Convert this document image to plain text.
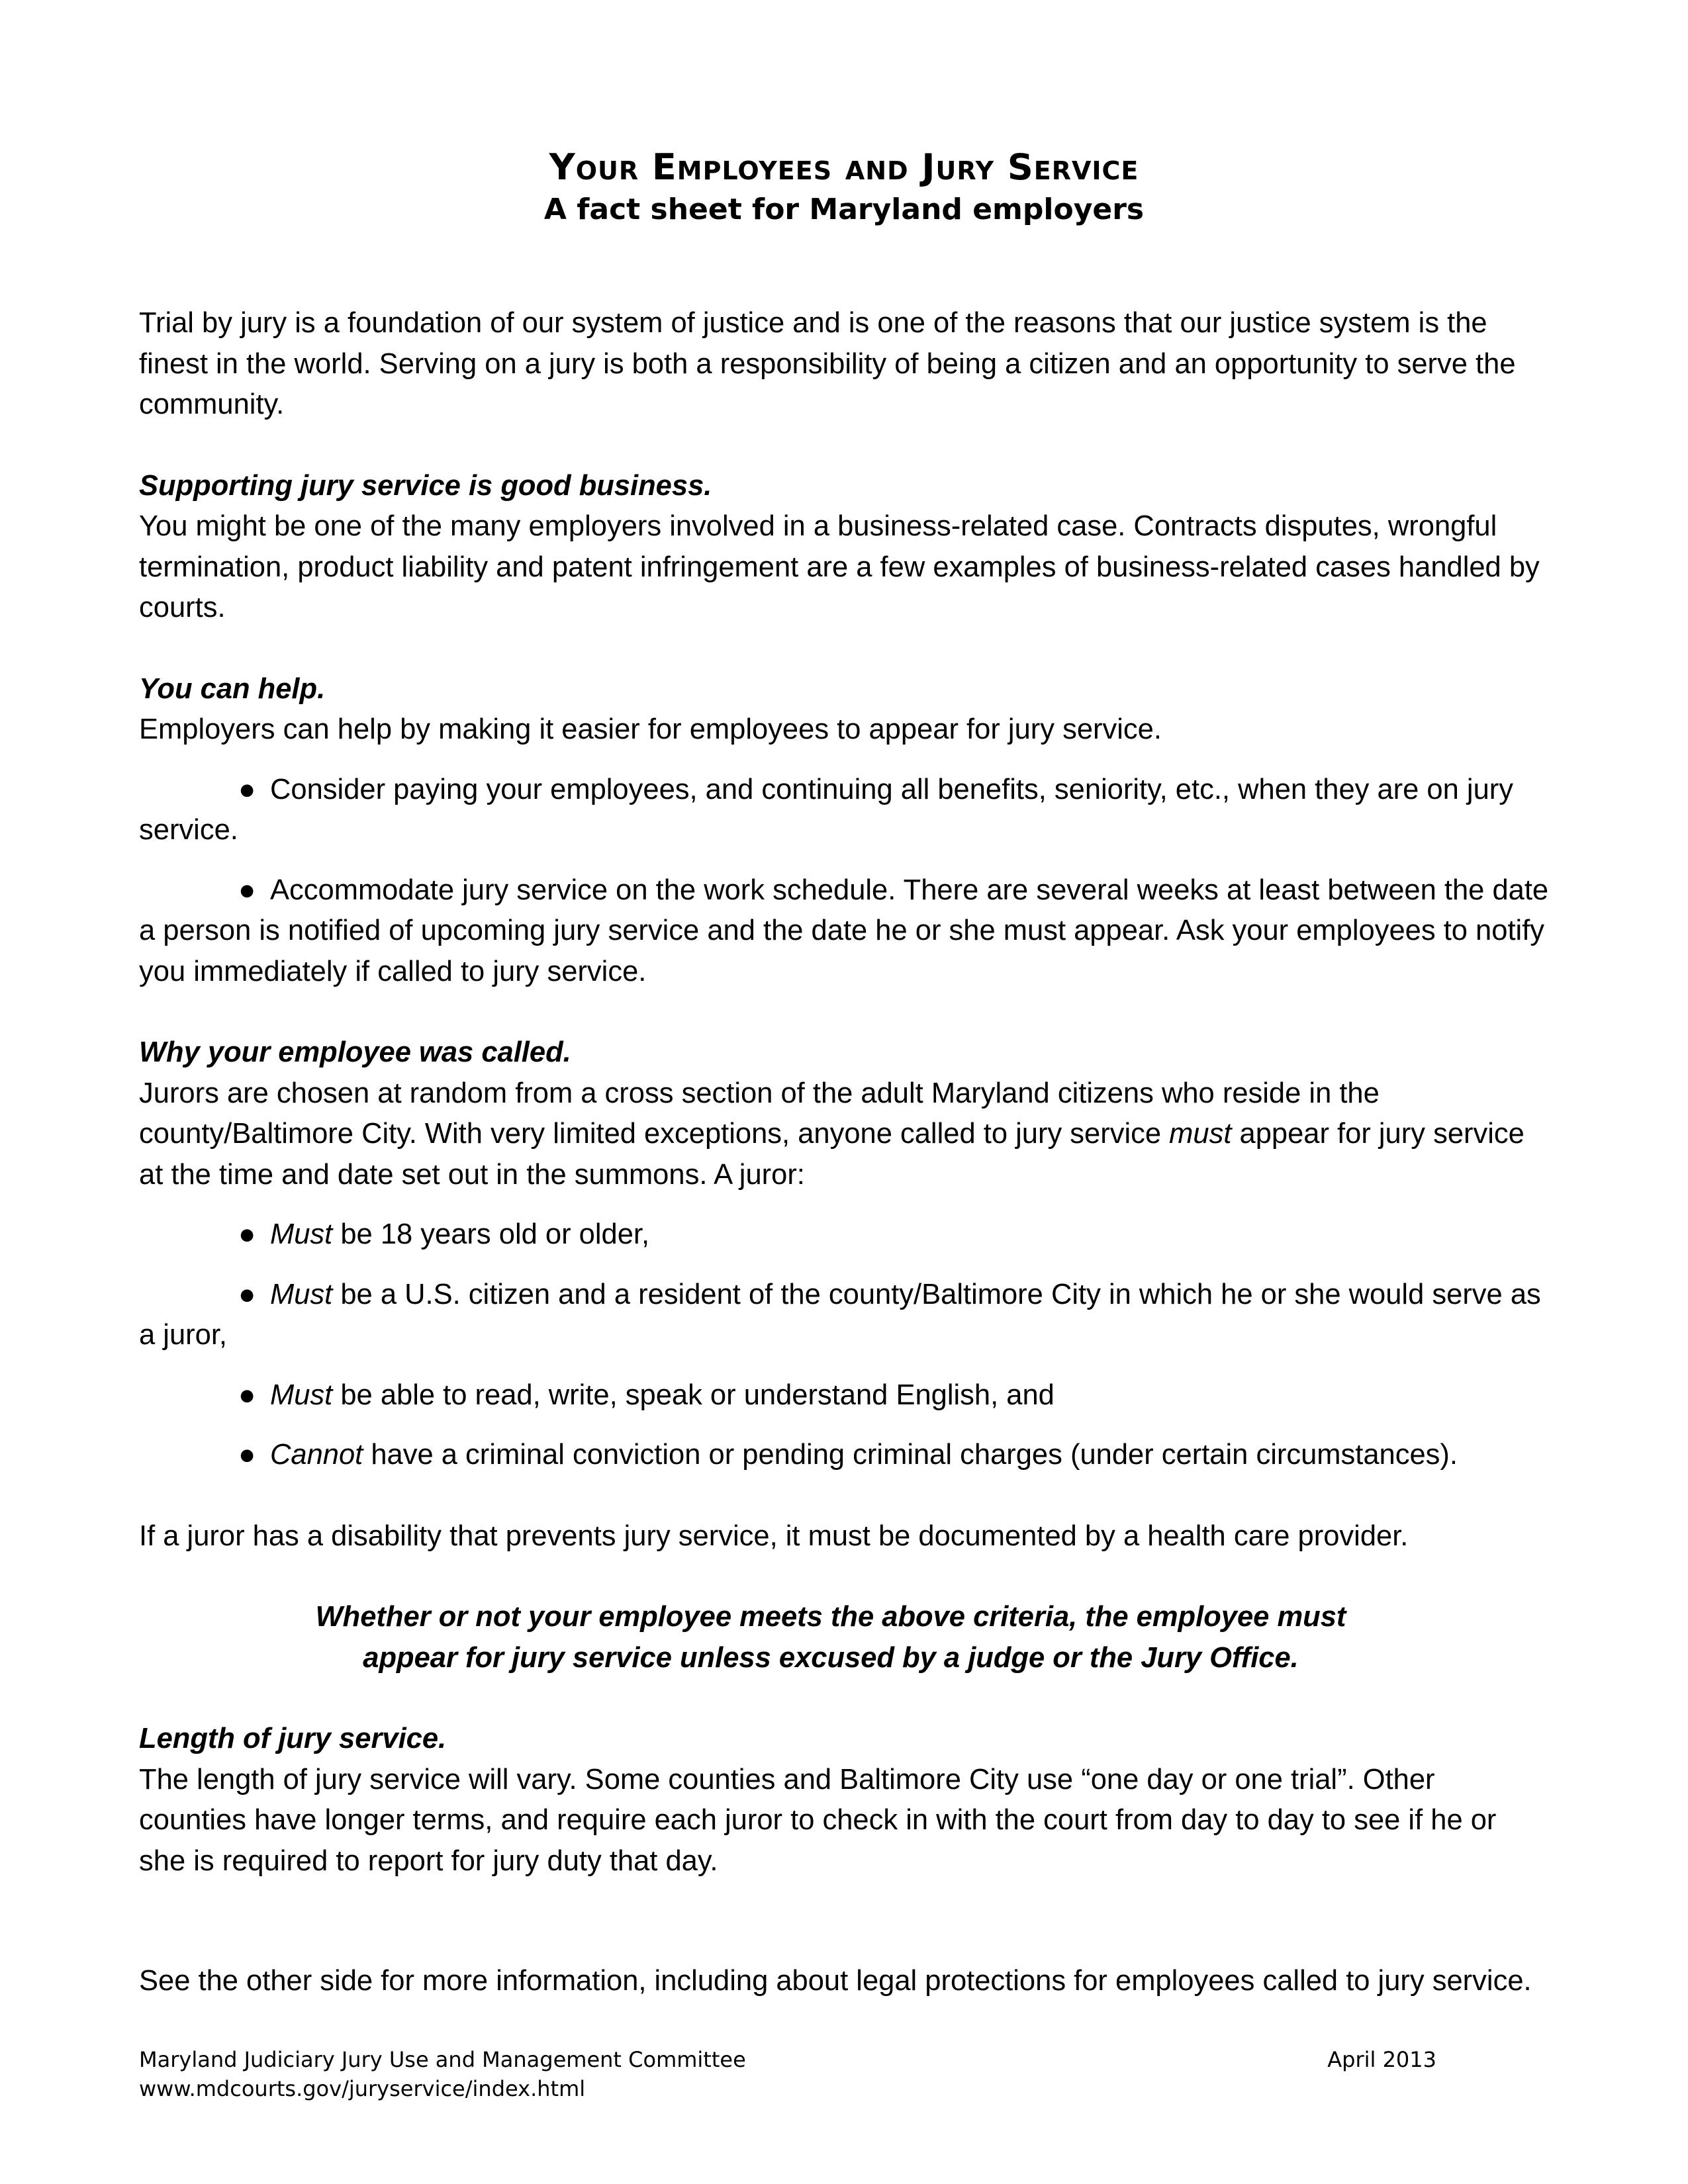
Your Employees and Jury Service
A fact sheet for Maryland employers

Trial by jury is a foundation of our system of justice and is one of the reasons that our justice system is the finest in the world. Serving on a jury is both a responsibility of being a citizen and an opportunity to serve the community.

Supporting jury service is good business.

You might be one of the many employers involved in a business-related case. Contracts disputes, wrongful termination, product liability and patent infringement are a few examples of business-related cases handled by courts.

You can help.

Employers can help by making it easier for employees to appear for jury service.

● Consider paying your employees, and continuing all benefits, seniority, etc., when they are on jury service.

● Accommodate jury service on the work schedule. There are several weeks at least between the date a person is notified of upcoming jury service and the date he or she must appear. Ask your employees to notify you immediately if called to jury service.

Why your employee was called.

Jurors are chosen at random from a cross section of the adult Maryland citizens who reside in the county/Baltimore City. With very limited exceptions, anyone called to jury service must appear for jury service at the time and date set out in the summons. A juror:

● Must be 18 years old or older,

● Must be a U.S. citizen and a resident of the county/Baltimore City in which he or she would serve as a juror,

● Must be able to read, write, speak or understand English, and

● Cannot have a criminal conviction or pending criminal charges (under certain circumstances).

If a juror has a disability that prevents jury service, it must be documented by a health care provider.

Whether or not your employee meets the above criteria, the employee must
appear for jury service unless excused by a judge or the Jury Office.

Length of jury service.

The length of jury service will vary. Some counties and Baltimore City use “one day or one trial”. Other counties have longer terms, and require each juror to check in with the court from day to day to see if he or she is required to report for jury duty that day.

See the other side for more information, including about legal protections for employees called to jury service.

Maryland Judiciary Jury Use and Management Committee
www.mdcourts.gov/juryservice/index.html
April 2013
